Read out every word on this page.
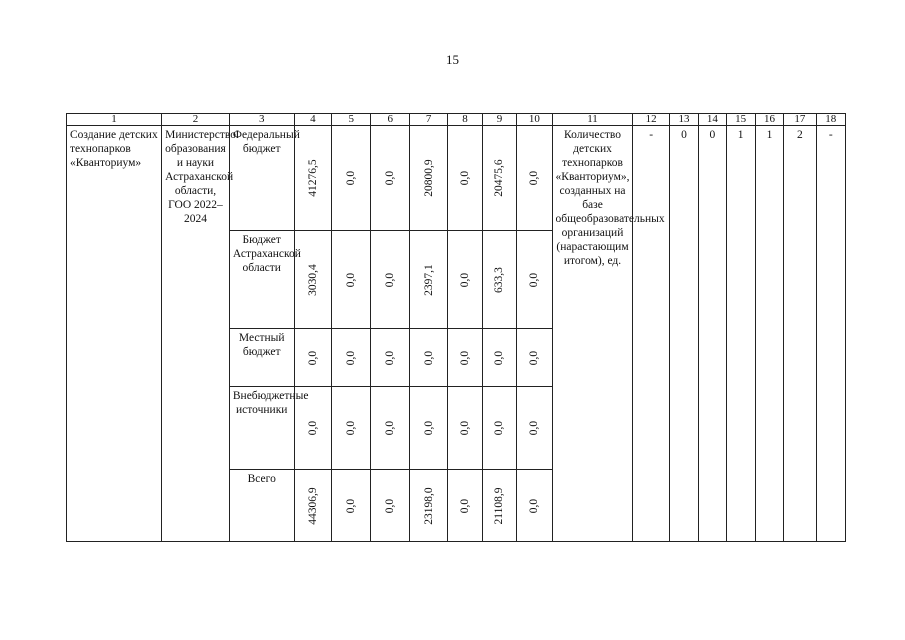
15
1	2	3	4	5	6	7	8	9	10	11	12	13	14	15	16	17	18
Создание детских технопарков «Кванториум»	Министерство образования и науки Астраханской области, ГОО 2022–2024	Федеральный бюджет	41276,5	0,0	0,0	20800,9	0,0	20475,6	0,0	Количество детских технопарков «Кванториум», созданных на базе общеобразовательных организаций (нарастающим итогом), ед.	-	0	0	1	1	2	-
		Бюджет Астраханской области	3030,4	0,0	0,0	2397,1	0,0	633,3	0,0								

		Местный бюджет	0,0	0,0	0,0	0,0	0,0	0,0	0,0								

		Внебюджетные источники	0,0	0,0	0,0	0,0	0,0	0,0	0,0								

		Всего	44306,9	0,0	0,0	23198,0	0,0	21108,9	0,0								
